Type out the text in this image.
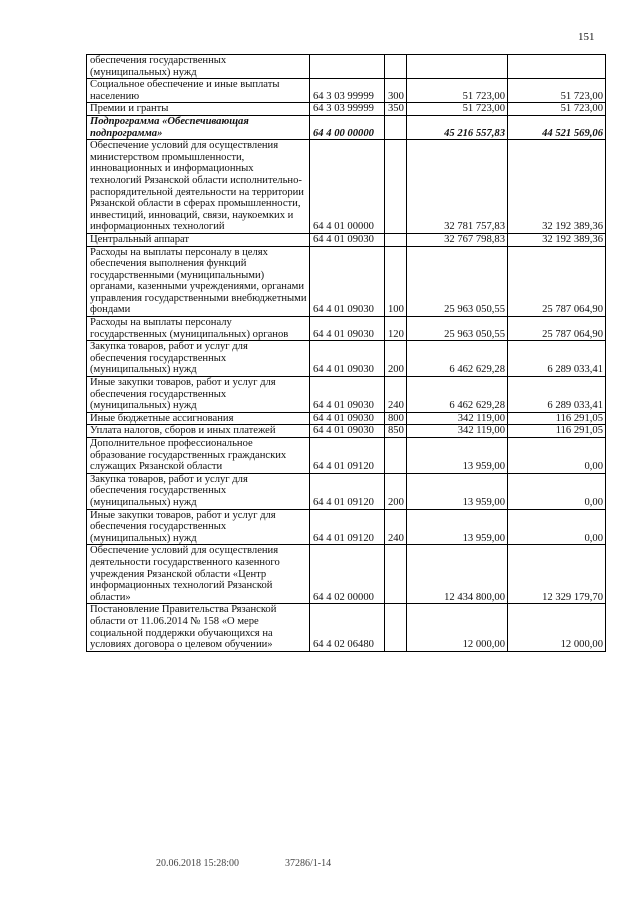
151
обеспечения государственных (муниципальных) нужд				
Социальное обеспечение и иные выплаты населению	64 3 03 99999	300	51 723,00	51 723,00
Премии и гранты	64 3 03 99999	350	51 723,00	51 723,00
Подпрограмма «Обеспечивающая подпрограмма»	64 4 00 00000		45 216 557,83	44 521 569,06
Обеспечение условий для осуществления министерством промышленности, инновационных и информационных технологий Рязанской области исполнительно-распорядительной деятельности на территории Рязанской области в сферах промышленности, инвестиций, инноваций, связи, наукоемких и информационных технологий	64 4 01 00000		32 781 757,83	32 192 389,36
Центральный аппарат	64 4 01 09030		32 767 798,83	32 192 389,36
Расходы на выплаты персоналу в целях обеспечения выполнения функций государственными (муниципальными) органами, казенными учреждениями, органами управления государственными внебюджетными фондами	64 4 01 09030	100	25 963 050,55	25 787 064,90
Расходы на выплаты персоналу государственных (муниципальных) органов	64 4 01 09030	120	25 963 050,55	25 787 064,90
Закупка товаров, работ и услуг для обеспечения государственных (муниципальных) нужд	64 4 01 09030	200	6 462 629,28	6 289 033,41
Иные закупки товаров, работ и услуг для обеспечения государственных (муниципальных) нужд	64 4 01 09030	240	6 462 629,28	6 289 033,41
Иные бюджетные ассигнования	64 4 01 09030	800	342 119,00	116 291,05
Уплата налогов, сборов и иных платежей	64 4 01 09030	850	342 119,00	116 291,05
Дополнительное профессиональное образование государственных гражданских служащих Рязанской области	64 4 01 09120		13 959,00	0,00
Закупка товаров, работ и услуг для обеспечения государственных (муниципальных) нужд	64 4 01 09120	200	13 959,00	0,00
Иные закупки товаров, работ и услуг для обеспечения государственных (муниципальных) нужд	64 4 01 09120	240	13 959,00	0,00
Обеспечение условий для осуществления деятельности государственного казенного учреждения Рязанской области «Центр информационных технологий Рязанской области»	64 4 02 00000		12 434 800,00	12 329 179,70
Постановление Правительства Рязанской области от 11.06.2014 № 158 «О мере социальной поддержки обучающихся на условиях договора о целевом обучении»	64 4 02 06480		12 000,00	12 000,00
20.06.2018 15:28:00	37286/1-14
